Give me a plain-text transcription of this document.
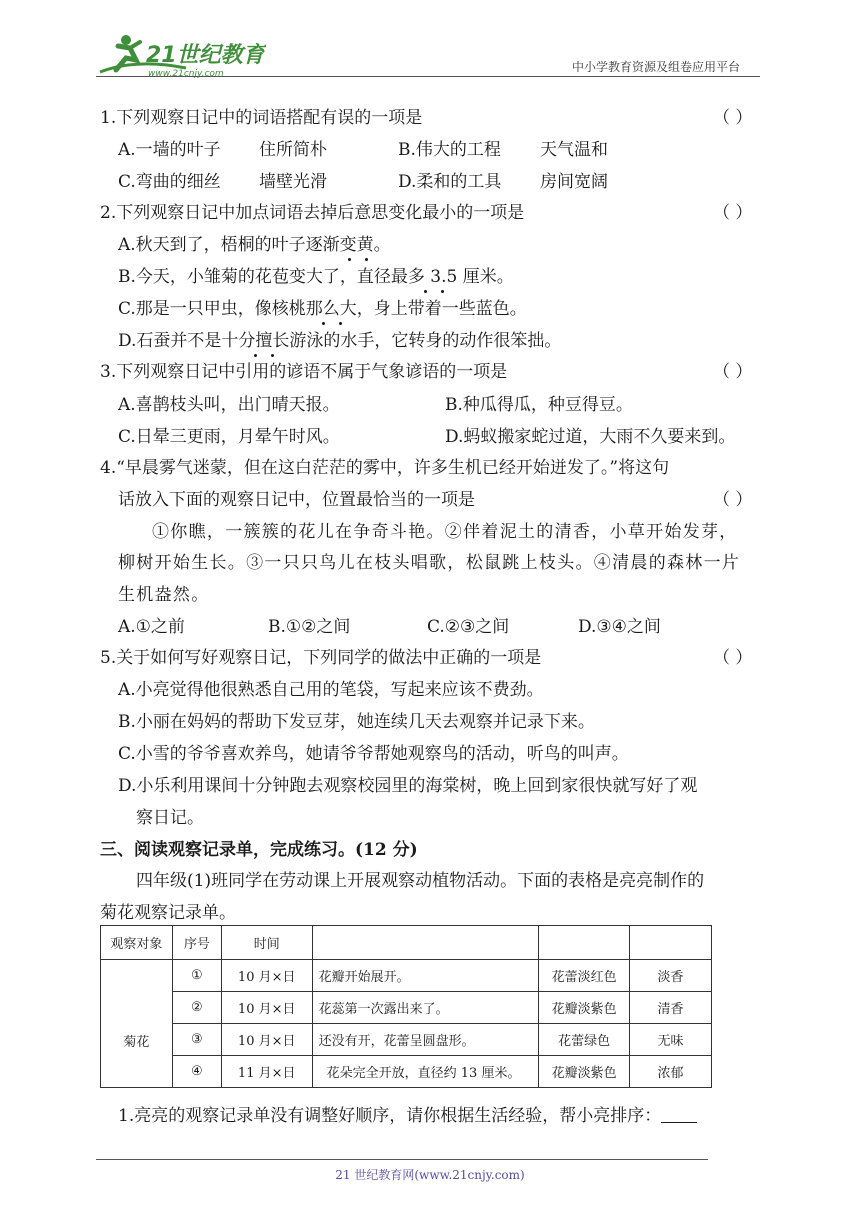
21世纪教育
www.21cnjy.com	中小学教育资源及组卷应用平台
1.下列观察日记中的词语搭配有误的一项是	（ ）
A.一墙的叶子 住所简朴	B.伟大的工程 天气温和
C.弯曲的细丝 墙壁光滑	D.柔和的工具 房间宽阔
2.下列观察日记中加点词语去掉后意思变化最小的一项是	（ ）
A.秋天到了，梧桐的叶子逐渐变黄。
B.今天，小雏菊的花苞变大了，直径最多 3.5 厘米。
C.那是一只甲虫，像核桃那么大，身上带着一些蓝色。
D.石蚕并不是十分擅长游泳的水手，它转身的动作很笨拙。
3.下列观察日记中引用的谚语不属于气象谚语的一项是	（ ）
A.喜鹊枝头叫，出门晴天报。	B.种瓜得瓜，种豆得豆。
C.日晕三更雨，月晕午时风。	D.蚂蚁搬家蛇过道，大雨不久要来到。
4.“早晨雾气迷蒙，但在这白茫茫的雾中，许多生机已经开始迸发了。”将这句
话放入下面的观察日记中，位置最恰当的一项是	（ ）
①你瞧，一簇簇的花儿在争奇斗艳。②伴着泥土的清香，小草开始发芽，
柳树开始生长。③一只只鸟儿在枝头唱歌，松鼠跳上枝头。④清晨的森林一片
生机盎然。
A.①之前	B.①②之间	C.②③之间	D.③④之间
5.关于如何写好观察日记，下列同学的做法中正确的一项是	（ ）
A.小亮觉得他很熟悉自己用的笔袋，写起来应该不费劲。
B.小丽在妈妈的帮助下发豆芽，她连续几天去观察并记录下来。
C.小雪的爷爷喜欢养鸟，她请爷爷帮她观察鸟的活动，听鸟的叫声。
D.小乐利用课间十分钟跑去观察校园里的海棠树，晚上回到家很快就写好了观
察日记。
三、阅读观察记录单，完成练习。(12 分)
四年级(1)班同学在劳动课上开展观察动植物活动。下面的表格是亮亮制作的
菊花观察记录单。
观察对象	序号	时间			
菊花	①	10 月×日	花瓣开始展开。	花蕾淡红色	淡香
	②	10 月×日	花蕊第一次露出来了。	花瓣淡紫色	清香
	③	10 月×日	还没有开，花蕾呈圆盘形。	花蕾绿色	无味
	④	11 月×日	花朵完全开放，直径约 13 厘米。	花瓣淡紫色	浓郁
1.亮亮的观察记录单没有调整好顺序，请你根据生活经验，帮小亮排序：
21 世纪教育网(www.21cnjy.com)
